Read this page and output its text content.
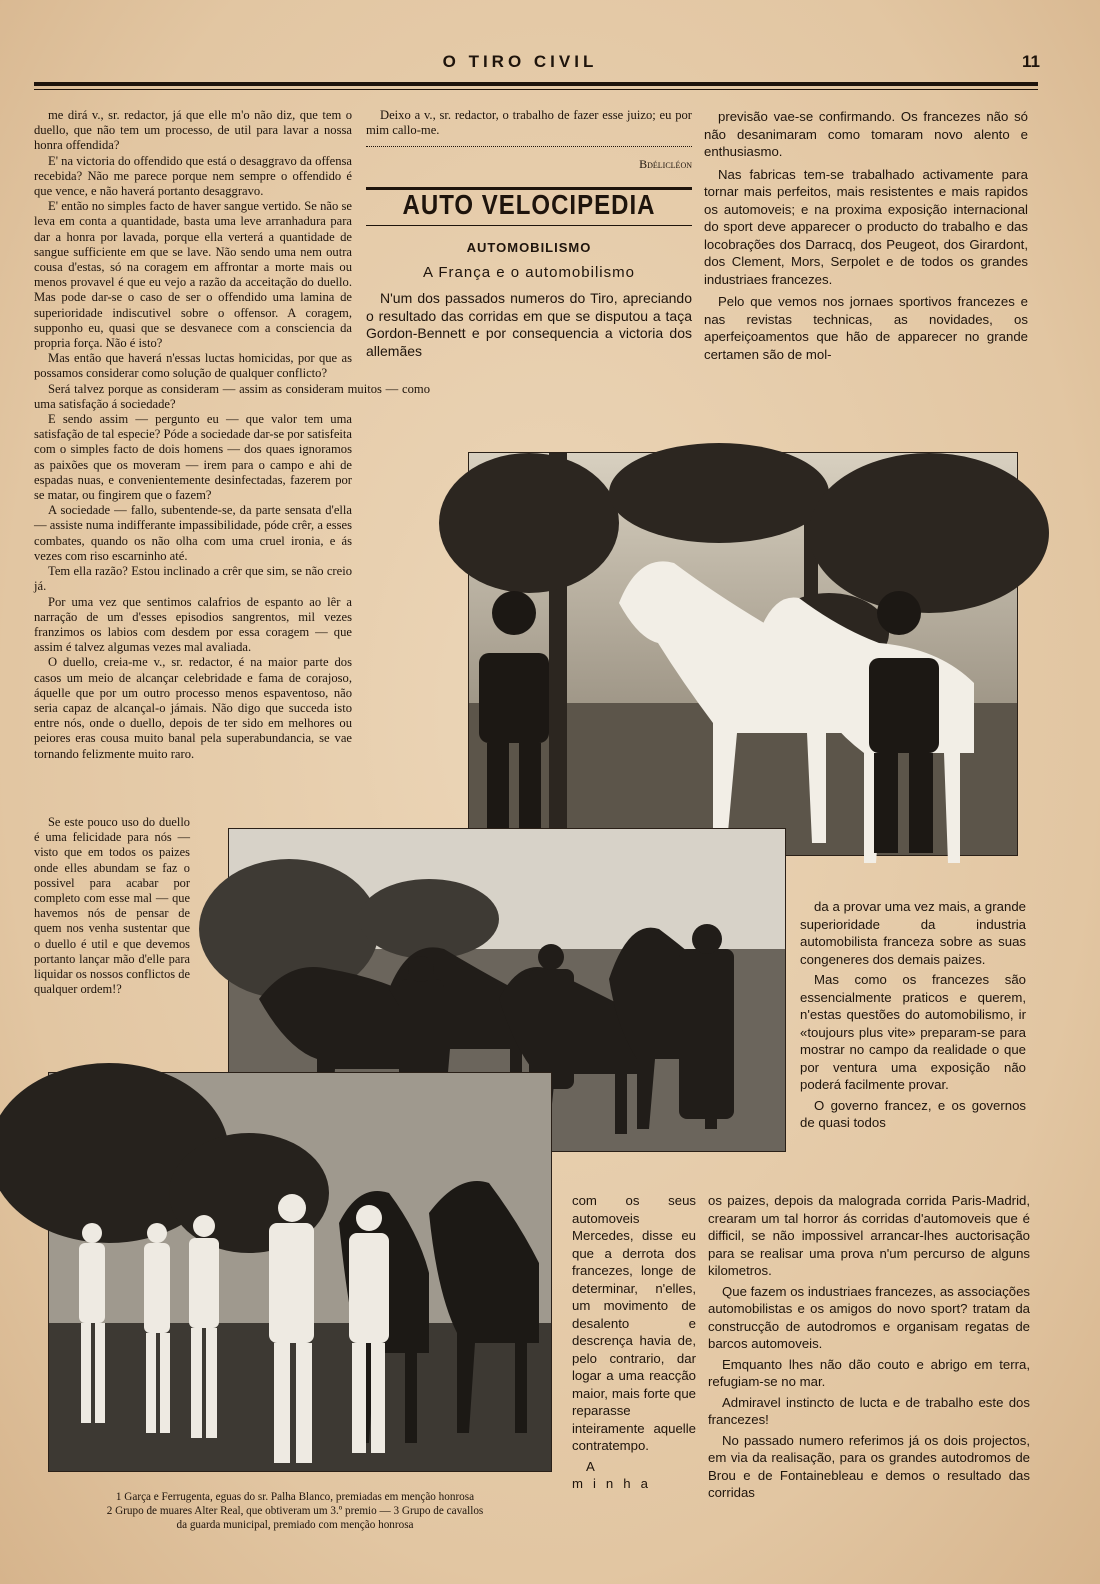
O TIRO CIVIL	11

me dirá v., sr. redactor, já que elle m'o não diz, que tem o duello, que não tem um processo, de util para lavar a nossa honra offendida?

E' na victoria do offendido que está o desaggravo da offensa recebida? Não me parece porque nem sempre o offendido é que vence, e não haverá portanto desaggravo.

E' então no simples facto de haver sangue vertido. Se não se leva em conta a quantidade, basta uma leve arranhadura para dar a honra por lavada, porque ella verterá a quantidade de sangue sufficiente em que se lave. Não sendo uma nem outra cousa d'estas, só na coragem em affrontar a morte mais ou menos provavel é que eu vejo a razão da acceitação do duello. Mas pode dar-se o caso de ser o offendido uma lamina de superioridade indiscutivel sobre o offensor. A coragem, supponho eu, quasi que se desvanece com a consciencia da propria força. Não é isto?

Mas então que haverá n'essas luctas homicidas, por que as possamos considerar como solução de qualquer conflicto?

Será talvez porque as consideram — assim as consideram muitos — como uma satisfação á sociedade?

E sendo assim — pergunto eu — que valor tem uma satisfação de tal especie? Póde a sociedade dar-se por satisfeita com o simples facto de dois homens — dos quaes ignoramos as paixões que os moveram — irem para o campo e ahi de espadas nuas, e convenientemente desinfectadas, fazerem por se matar, ou fingirem que o fazem?

A sociedade — fallo, subentende-se, da parte sensata d'ella — assiste numa indifferante impassibilidade, póde crêr, a esses combates, quando os não olha com uma cruel ironia, e ás vezes com riso escarninho até.

Tem ella razão? Estou inclinado a crêr que sim, se não creio já.

Por uma vez que sentimos calafrios de espanto ao lêr a narração de um d'esses episodios sangrentos, mil vezes franzimos os labios com desdem por essa coragem — que assim é talvez algumas vezes mal avaliada.

O duello, creia-me v., sr. redactor, é na maior parte dos casos um meio de alcançar celebridade e fama de corajoso, áquelle que por um outro processo menos espaventoso, não seria capaz de alcançal-o jámais. Não digo que succeda isto entre nós, onde o duello, depois de ter sido em melhores ou peiores eras cousa muito banal pela superabundancia, se vae tornando felizmente muito raro.

Se este pouco uso do duello é uma felicidade para nós — visto que em todos os paizes onde elles abundam se faz o possivel para acabar por completo com esse mal — que havemos nós de pensar de quem nos venha sustentar que o duello é util e que devemos portanto lançar mão d'elle para liquidar os nossos conflictos de qualquer ordem!?

Deixo a v., sr. redactor, o trabalho de fazer esse juizo; eu por mim callo-me.

Bdélicléon
AUTO VELOCIPEDIA
AUTOMOBILISMO
A França e o automobilismo

N'um dos passados numeros do Tiro, apreciando o resultado das corridas em que se disputou a taça Gordon-Bennett e por consequencia a victoria dos allemães

previsão vae-se confirmando. Os francezes não só não desanimaram como tomaram novo alento e enthusiasmo.

Nas fabricas tem-se trabalhado activamente para tornar mais perfeitos, mais resistentes e mais rapidos os automoveis; e na proxima exposição internacional do sport deve apparecer o producto do trabalho e das locobrações dos Darracq, dos Peugeot, dos Girardont, dos Clement, Mors, Serpolet e de todos os grandes industriaes francezes.

Pelo que vemos nos jornaes sportivos francezes e nas revistas technicas, as novidades, os aperfeiçoamentos que hão de apparecer no grande certamen são de mol-

da a provar uma vez mais, a grande superioridade da industria automobilista franceza sobre as suas congeneres dos demais paizes.

Mas como os francezes são essencialmente praticos e querem, n'estas questões do automobilismo, ir «toujours plus vite» preparam-se para mostrar no campo da realidade o que por ventura uma exposição não poderá facilmente provar.

O governo francez, e os governos de quasi todos

com os seus automoveis Mercedes, disse eu que a derrota dos francezes, longe de determinar, n'elles, um movimento de desalento e descrença havia de, pelo contrario, dar logar a uma reacção maior, mais forte que reparasse inteiramente aquelle contratempo.

A minha

os paizes, depois da malograda corrida Paris-Madrid, crearam um tal horror ás corridas d'automoveis que é difficil, se não impossivel arrancar-lhes auctorisação para se realisar uma prova n'um percurso de alguns kilometros.

Que fazem os industriaes francezes, as associações automobilistas e os amigos do novo sport? tratam da construcção de autodromos e organisam regatas de barcos automoveis.

Emquanto lhes não dão couto e abrigo em terra, refugiam-se no mar.

Admiravel instincto de lucta e de trabalho este dos francezes!

No passado numero referimos já os dois projectos, em via da realisação, para os grandes autodromos de Brou e de Fontainebleau e demos o resultado das corridas

1 Garça e Ferrugenta, eguas do sr. Palha Blanco, premiadas em menção honrosa

2 Grupo de muares Alter Real, que obtiveram um 3.º premio — 3 Grupo de cavallos

da guarda municipal, premiado com menção honrosa
